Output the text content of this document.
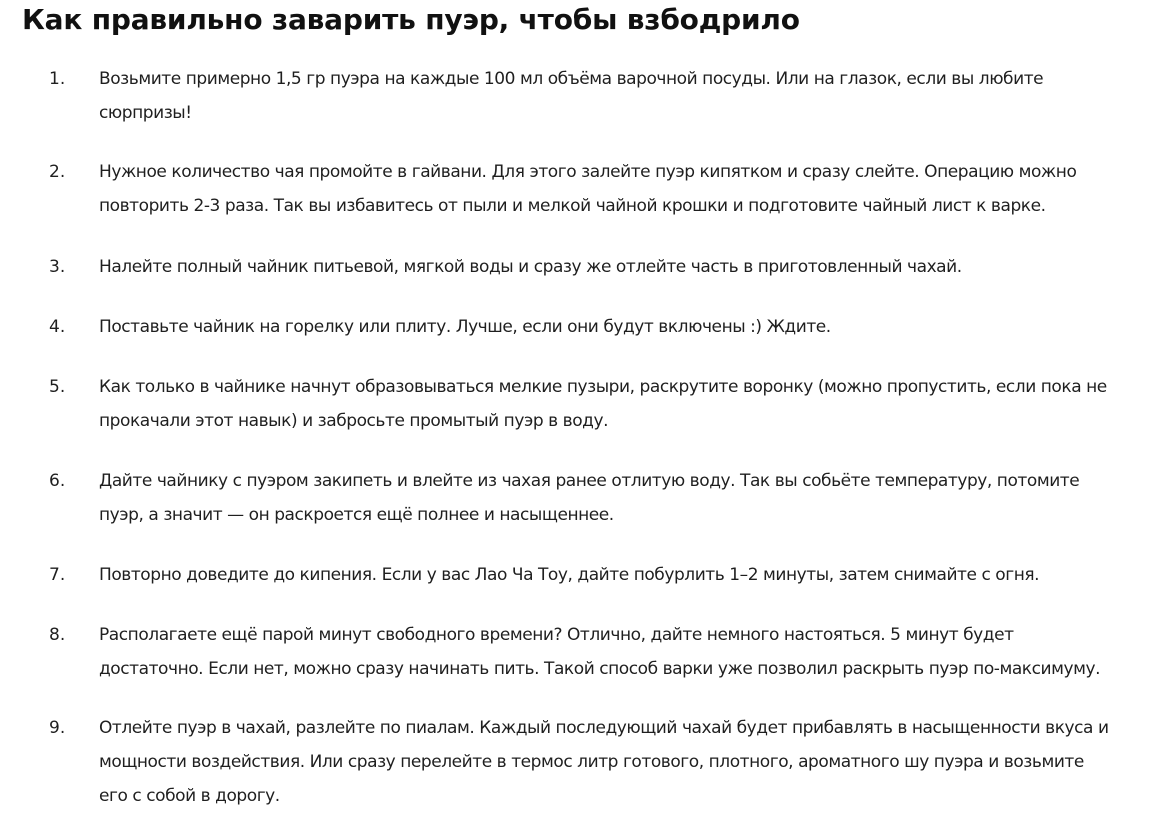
Как правильно заварить пуэр, чтобы взбодрило
1. Возьмите примерно 1,5 гр пуэра на каждые 100 мл объёма варочной посуды. Или на глазок, если вы любите
сюрпризы!
2. Нужное количество чая промойте в гайвани. Для этого залейте пуэр кипятком и сразу слейте. Операцию можно
повторить 2-3 раза. Так вы избавитесь от пыли и мелкой чайной крошки и подготовите чайный лист к варке.
3. Налейте полный чайник питьевой, мягкой воды и сразу же отлейте часть в приготовленный чахай.
4. Поставьте чайник на горелку или плиту. Лучше, если они будут включены :) Ждите.
5. Как только в чайнике начнут образовываться мелкие пузыри, раскрутите воронку (можно пропустить, если пока не
прокачали этот навык) и забросьте промытый пуэр в воду.
6. Дайте чайнику с пуэром закипеть и влейте из чахая ранее отлитую воду. Так вы собьёте температуру, потомите
пуэр, а значит — он раскроется ещё полнее и насыщеннее.
7. Повторно доведите до кипения. Если у вас Лао Ча Тоу, дайте побурлить 1–2 минуты, затем снимайте с огня.
8. Располагаете ещё парой минут свободного времени? Отлично, дайте немного настояться. 5 минут будет
достаточно. Если нет, можно сразу начинать пить. Такой способ варки уже позволил раскрыть пуэр по-максимуму.
9. Отлейте пуэр в чахай, разлейте по пиалам. Каждый последующий чахай будет прибавлять в насыщенности вкуса и
мощности воздействия. Или сразу перелейте в термос литр готового, плотного, ароматного шу пуэра и возьмите
его с собой в дорогу.
